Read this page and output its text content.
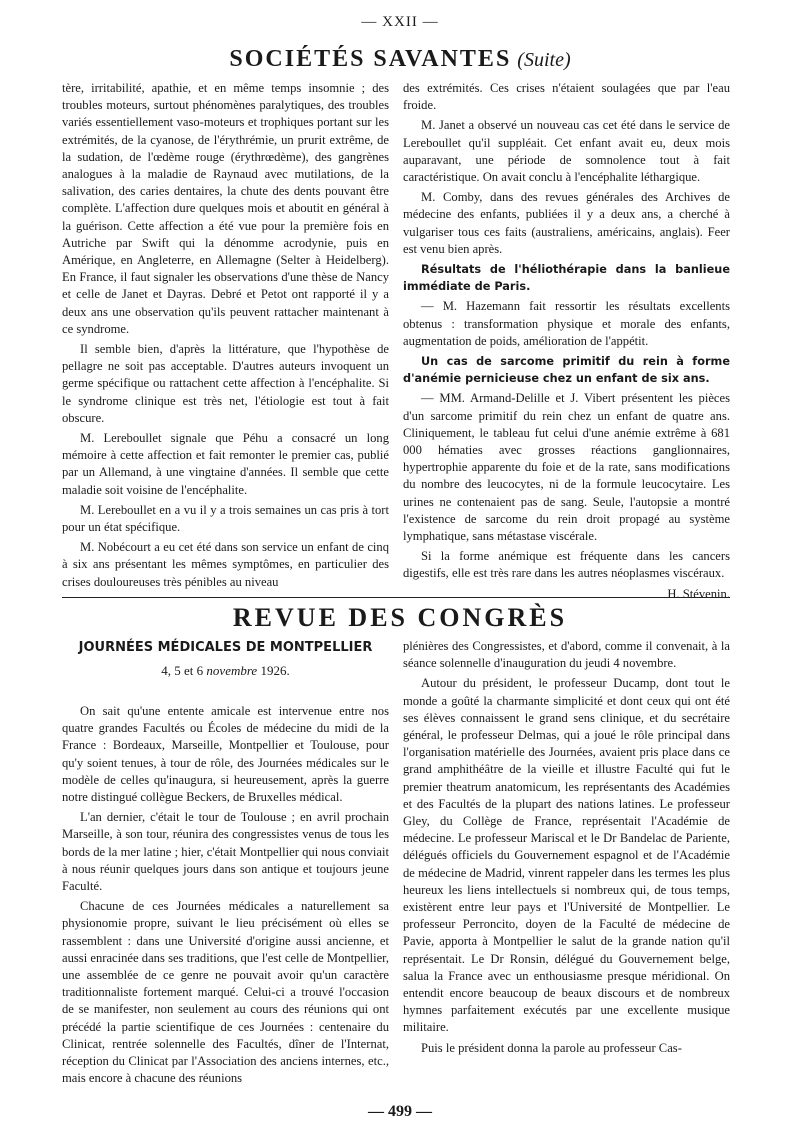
— XXII —
SOCIÉTÉS SAVANTES (Suite)

tère, irritabilité, apathie, et en même temps insomnie ; des troubles moteurs, surtout phénomènes paralytiques, des troubles variés essentiellement vaso-moteurs et trophiques portant sur les extrémités, de la cyanose, de l'érythrémie, un prurit extrême, de la sudation, de l'œdème rouge (érythrœdème), des gangrènes analogues à la maladie de Raynaud avec mutilations, de la salivation, des caries dentaires, la chute des dents pouvant être complète. L'affection dure quelques mois et aboutit en général à la guérison. Cette affection a été vue pour la première fois en Autriche par Swift qui la dénomme acrodynie, puis en Amérique, en Angleterre, en Allemagne (Selter à Heidelberg). En France, il faut signaler les observations d'une thèse de Nancy et celle de Janet et Dayras. Debré et Petot ont rapporté il y a deux ans une observation qu'ils peuvent rattacher maintenant à ce syndrome.

Il semble bien, d'après la littérature, que l'hypothèse de pellagre ne soit pas acceptable. D'autres auteurs invoquent un germe spécifique ou rattachent cette affection à l'encéphalite. Si le syndrome clinique est très net, l'étiologie est tout à fait obscure.

M. Lereboullet signale que Péhu a consacré un long mémoire à cette affection et fait remonter le premier cas, publié par un Allemand, à une vingtaine d'années. Il semble que cette maladie soit voisine de l'encéphalite.

M. Lereboullet en a vu il y a trois semaines un cas pris à tort pour un état spécifique.

M. Nobécourt a eu cet été dans son service un enfant de cinq à six ans présentant les mêmes symptômes, en particulier des crises douloureuses très pénibles au niveau

des extrémités. Ces crises n'étaient soulagées que par l'eau froide.

M. Janet a observé un nouveau cas cet été dans le service de Lereboullet qu'il suppléait. Cet enfant avait eu, deux mois auparavant, une période de somnolence tout à fait caractéristique. On avait conclu à l'encéphalite léthargique.

M. Comby, dans des revues générales des Archives de médecine des enfants, publiées il y a deux ans, a cherché à vulgariser tous ces faits (australiens, américains, anglais). Feer est venu bien après.

Résultats de l'héliothérapie dans la banlieue immédiate de Paris.

— M. Hazemann fait ressortir les résultats excellents obtenus : transformation physique et morale des enfants, augmentation de poids, amélioration de l'appétit.

Un cas de sarcome primitif du rein à forme d'anémie pernicieuse chez un enfant de six ans.

— MM. Armand-Delille et J. Vibert présentent les pièces d'un sarcome primitif du rein chez un enfant de quatre ans. Cliniquement, le tableau fut celui d'une anémie extrême à 681 000 hématies avec grosses réactions ganglionnaires, hypertrophie apparente du foie et de la rate, sans modifications du nombre des leucocytes, ni de la formule leucocytaire. Les urines ne contenaient pas de sang. Seule, l'autopsie a montré l'existence de sarcome du rein droit propagé au système lymphatique, sans métastase viscérale.

Si la forme anémique est fréquente dans les cancers digestifs, elle est très rare dans les autres néoplasmes viscéraux.

H. Stévenin.

REVUE DES CONGRÈS
JOURNÉES MÉDICALES DE MONTPELLIER
4, 5 et 6 novembre 1926.

On sait qu'une entente amicale est intervenue entre nos quatre grandes Facultés ou Écoles de médecine du midi de la France : Bordeaux, Marseille, Montpellier et Toulouse, pour qu'y soient tenues, à tour de rôle, des Journées médicales sur le modèle de celles qu'inaugura, si heureusement, après la guerre notre distingué collègue Beckers, de Bruxelles médical.

L'an dernier, c'était le tour de Toulouse ; en avril prochain Marseille, à son tour, réunira des congressistes venus de tous les bords de la mer latine ; hier, c'était Montpellier qui nous conviait à nous réunir quelques jours dans son antique et toujours jeune Faculté.

Chacune de ces Journées médicales a naturellement sa physionomie propre, suivant le lieu précisément où elles se rassemblent : dans une Université d'origine aussi ancienne, et aussi enracinée dans ses traditions, que l'est celle de Montpellier, une assemblée de ce genre ne pouvait avoir qu'un caractère traditionnaliste fortement marqué. Celui-ci a trouvé l'occasion de se manifester, non seulement au cours des réunions qui ont précédé la partie scientifique de ces Journées : centenaire du Clinicat, rentrée solennelle des Facultés, dîner de l'Internat, réception du Clinicat par l'Association des anciens internes, etc., mais encore à chacune des réunions

plénières des Congressistes, et d'abord, comme il convenait, à la séance solennelle d'inauguration du jeudi 4 novembre.

Autour du président, le professeur Ducamp, dont tout le monde a goûté la charmante simplicité et dont ceux qui ont été ses élèves connaissent le grand sens clinique, et du secrétaire général, le professeur Delmas, qui a joué le rôle principal dans l'organisation matérielle des Journées, avaient pris place dans ce grand amphithéâtre de la vieille et illustre Faculté qui fut le premier theatrum anatomicum, les représentants des Académies et des Facultés de la plupart des nations latines. Le professeur Gley, du Collège de France, représentait l'Académie de médecine. Le professeur Mariscal et le Dr Bandelac de Pariente, délégués officiels du Gouvernement espagnol et de l'Académie de médecine de Madrid, vinrent rappeler dans les termes les plus heureux les liens intellectuels si nombreux qui, de tous temps, existèrent entre leur pays et l'Université de Montpellier. Le professeur Perroncito, doyen de la Faculté de médecine de Pavie, apporta à Montpellier le salut de la grande nation qu'il représentait. Le Dr Ronsin, délégué du Gouvernement belge, salua la France avec un enthousiasme presque méridional. On entendit encore beaucoup de beaux discours et de nombreux hymnes parfaitement exécutés par une excellente musique militaire.

Puis le président donna la parole au professeur Cas-

— 499 —
